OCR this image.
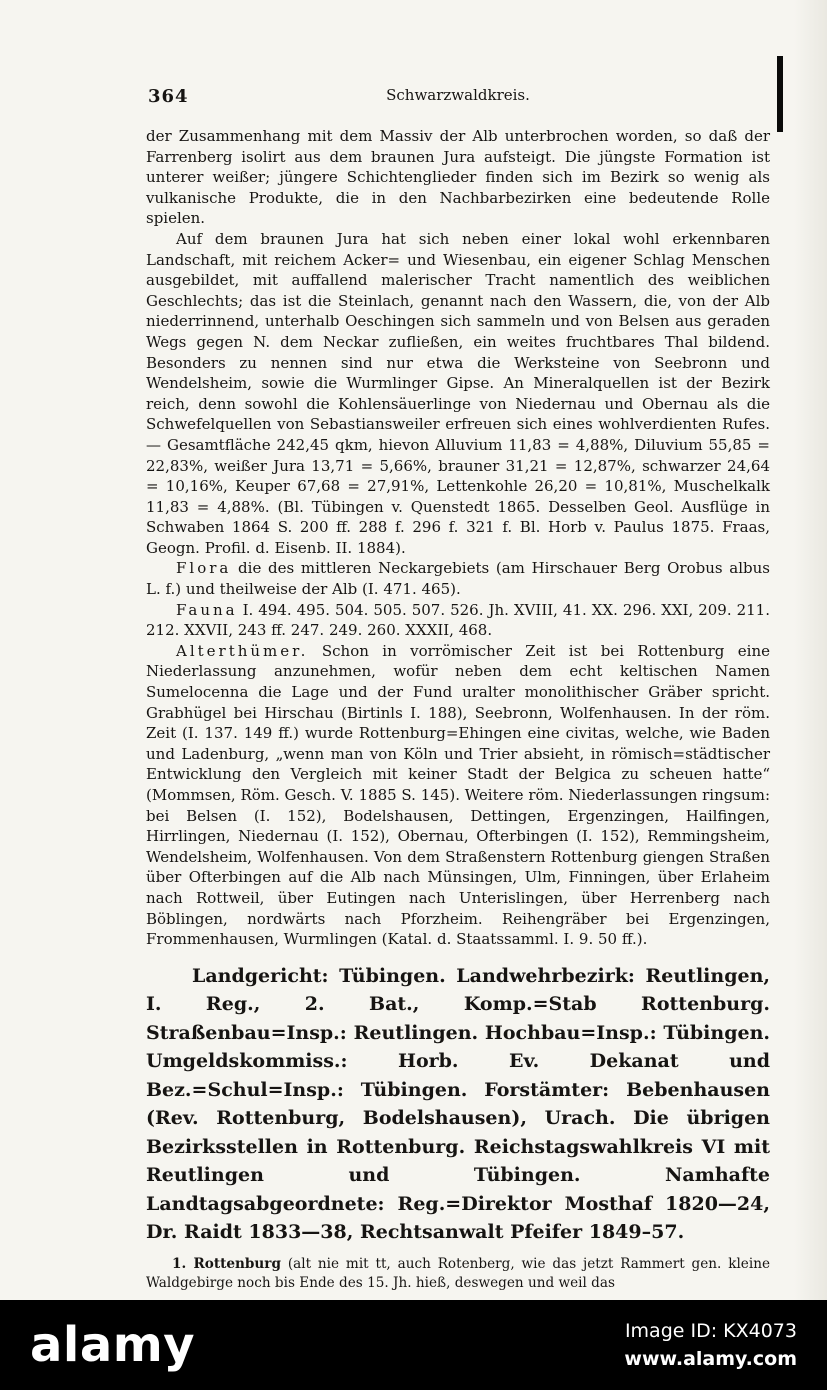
364	Schwarzwaldkreis.

der Zusammenhang mit dem Massiv der Alb unterbrochen worden, so daß der Farrenberg isolirt aus dem braunen Jura aufsteigt. Die jüngste Formation ist unterer weißer; jüngere Schichtenglieder finden sich im Bezirk so wenig als vulkanische Produkte, die in den Nachbarbezirken eine bedeutende Rolle spielen.

Auf dem braunen Jura hat sich neben einer lokal wohl erkennbaren Landschaft, mit reichem Acker= und Wiesenbau, ein eigener Schlag Menschen ausgebildet, mit auffallend malerischer Tracht namentlich des weiblichen Geschlechts; das ist die Steinlach, genannt nach den Wassern, die, von der Alb niederrinnend, unterhalb Oeschingen sich sammeln und von Belsen aus geraden Wegs gegen N. dem Neckar zufließen, ein weites fruchtbares Thal bildend. Besonders zu nennen sind nur etwa die Werksteine von Seebronn und Wendelsheim, sowie die Wurmlinger Gipse. An Mineralquellen ist der Bezirk reich, denn sowohl die Kohlensäuerlinge von Niedernau und Obernau als die Schwefelquellen von Sebastiansweiler erfreuen sich eines wohlverdienten Rufes. — Gesamtfläche 242,45 qkm, hievon Alluvium 11,83 = 4,88%, Diluvium 55,85 = 22,83%, weißer Jura 13,71 = 5,66%, brauner 31,21 = 12,87%, schwarzer 24,64 = 10,16%, Keuper 67,68 = 27,91%, Lettenkohle 26,20 = 10,81%, Muschelkalk 11,83 = 4,88%. (Bl. Tübingen v. Quenstedt 1865. Desselben Geol. Ausflüge in Schwaben 1864 S. 200 ff. 288 f. 296 f. 321 f. Bl. Horb v. Paulus 1875. Fraas, Geogn. Profil. d. Eisenb. II. 1884).

Flora die des mittleren Neckargebiets (am Hirschauer Berg Orobus albus L. f.) und theilweise der Alb (I. 471. 465).

Fauna I. 494. 495. 504. 505. 507. 526. Jh. XVIII, 41. XX. 296. XXI, 209. 211. 212. XXVII, 243 ff. 247. 249. 260. XXXII, 468.

Alterthümer. Schon in vorrömischer Zeit ist bei Rottenburg eine Niederlassung anzunehmen, wofür neben dem echt keltischen Namen Sumelocenna die Lage und der Fund uralter monolithischer Gräber spricht. Grabhügel bei Hirschau (Birtinls I. 188), Seebronn, Wolfenhausen. In der röm. Zeit (I. 137. 149 ff.) wurde Rottenburg=Ehingen eine civitas, welche, wie Baden und Ladenburg, „wenn man von Köln und Trier absieht, in römisch=städtischer Entwicklung den Vergleich mit keiner Stadt der Belgica zu scheuen hatte“ (Mommsen, Röm. Gesch. V. 1885 S. 145). Weitere röm. Niederlassungen ringsum: bei Belsen (I. 152), Bodelshausen, Dettingen, Ergenzingen, Hailfingen, Hirrlingen, Niedernau (I. 152), Obernau, Ofterbingen (I. 152), Remmingsheim, Wendelsheim, Wolfenhausen. Von dem Straßenstern Rottenburg giengen Straßen über Ofterbingen auf die Alb nach Münsingen, Ulm, Finningen, über Erlaheim nach Rottweil, über Eutingen nach Unterislingen, über Herrenberg nach Böblingen, nordwärts nach Pforzheim. Reihengräber bei Ergenzingen, Frommenhausen, Wurmlingen (Katal. d. Staatssamml. I. 9. 50 ff.).

Landgericht: Tübingen. Landwehrbezirk: Reutlingen, I. Reg., 2. Bat., Komp.=Stab Rottenburg. Straßenbau=Insp.: Reutlingen. Hochbau=Insp.: Tübingen. Umgeldskommiss.: Horb. Ev. Dekanat und Bez.=Schul=Insp.: Tübingen. Forstämter: Bebenhausen (Rev. Rottenburg, Bodelshausen), Urach. Die übrigen Bezirksstellen in Rottenburg. Reichstagswahlkreis VI mit Reutlingen und Tübingen. Namhafte Landtagsabgeordnete: Reg.=Direktor Mosthaf 1820—24, Dr. Raidt 1833—38, Rechtsanwalt Pfeifer 1849–57.

1. Rottenburg (alt nie mit tt, auch Rotenberg, wie das jetzt Rammert gen. kleine Waldgebirge noch bis Ende des 15. Jh. hieß, deswegen und weil das

alamy	Image ID: KX4073
www.alamy.com
